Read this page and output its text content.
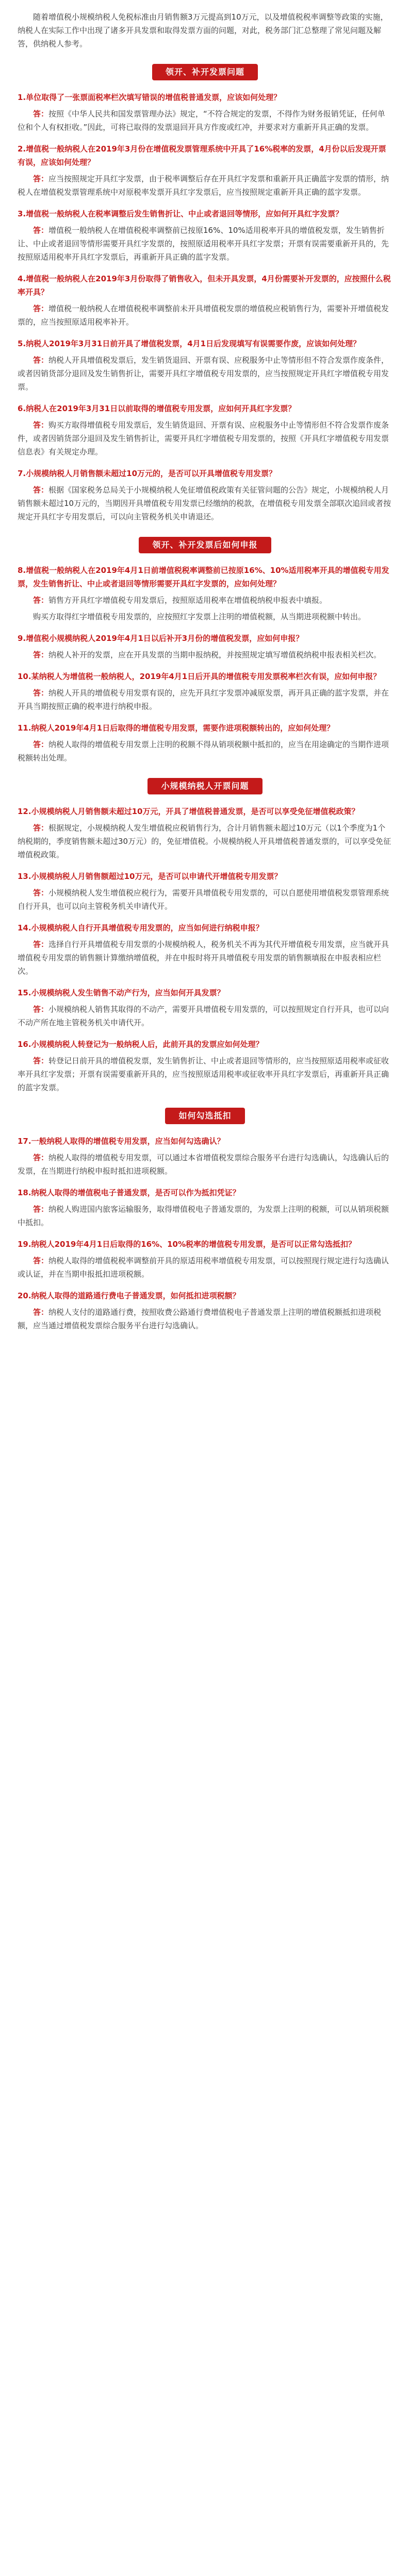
随着增值税小规模纳税人免税标准由月销售额3万元提高到10万元，以及增值税税率调整等政策的实施，纳税人在实际工作中出现了诸多开具发票和取得发票方面的问题，对此，税务部门汇总整理了常见问题及解答，供纳税人参考。

领开、补开发票问题

1.单位取得了一张票面税率栏次填写错误的增值税普通发票，应该如何处理？

答：按照《中华人民共和国发票管理办法》规定，“不符合规定的发票，不得作为财务报销凭证，任何单位和个人有权拒收。”因此，可将已取得的发票退回开具方作废或红冲，并要求对方重新开具正确的发票。

2.增值税一般纳税人在2019年3月份在增值税发票管理系统中开具了16%税率的发票，4月份以后发现开票有误，应该如何处理？

答：应当按照规定开具红字发票，由于税率调整后存在开具红字发票和重新开具正确蓝字发票的情形，纳税人在增值税发票管理系统中对原税率发票开具红字发票后，应当按照规定重新开具正确的蓝字发票。

3.增值税一般纳税人在税率调整后发生销售折让、中止或者退回等情形，应如何开具红字发票？

答：增值税一般纳税人在增值税税率调整前已按原16%、10%适用税率开具的增值税发票，发生销售折让、中止或者退回等情形需要开具红字发票的，按照原适用税率开具红字发票；开票有误需要重新开具的，先按照原适用税率开具红字发票后，再重新开具正确的蓝字发票。

4.增值税一般纳税人在2019年3月份取得了销售收入，但未开具发票，4月份需要补开发票的，应按照什么税率开具？

答：增值税一般纳税人在增值税税率调整前未开具增值税发票的增值税应税销售行为，需要补开增值税发票的，应当按照原适用税率补开。

5.纳税人2019年3月31日前开具了增值税发票，4月1日后发现填写有误需要作废，应该如何处理？

答：纳税人开具增值税发票后，发生销货退回、开票有误、应税服务中止等情形但不符合发票作废条件，或者因销货部分退回及发生销售折让，需要开具红字增值税专用发票的，应当按照规定开具红字增值税专用发票。

6.纳税人在2019年3月31日以前取得的增值税专用发票，应如何开具红字发票？

答：购买方取得增值税专用发票后，发生销货退回、开票有误、应税服务中止等情形但不符合发票作废条件，或者因销货部分退回及发生销售折让，需要开具红字增值税专用发票的，按照《开具红字增值税专用发票信息表》有关规定办理。

7.小规模纳税人月销售额未超过10万元的，是否可以开具增值税专用发票？

答：根据《国家税务总局关于小规模纳税人免征增值税政策有关征管问题的公告》规定，小规模纳税人月销售额未超过10万元的，当期因开具增值税专用发票已经缴纳的税款，在增值税专用发票全部联次追回或者按规定开具红字专用发票后，可以向主管税务机关申请退还。

领开、补开发票后如何申报

8.增值税一般纳税人在2019年4月1日前增值税税率调整前已按原16%、10%适用税率开具的增值税专用发票，发生销售折让、中止或者退回等情形需要开具红字发票的，应如何处理？

答：销售方开具红字增值税专用发票后，按照原适用税率在增值税纳税申报表中填报。

购买方取得红字增值税专用发票的，应按照红字发票上注明的增值税额，从当期进项税额中转出。

9.增值税小规模纳税人2019年4月1日以后补开3月份的增值税发票，应如何申报？

答：纳税人补开的发票，应在开具发票的当期申报纳税，并按照规定填写增值税纳税申报表相关栏次。

10.某纳税人为增值税一般纳税人，2019年4月1日后开具的增值税专用发票税率栏次有误，应如何申报？

答：纳税人开具的增值税专用发票有误的，应先开具红字发票冲减原发票，再开具正确的蓝字发票，并在开具当期按照正确的税率进行纳税申报。

11.纳税人2019年4月1日后取得的增值税专用发票，需要作进项税额转出的，应如何处理？

答：纳税人取得的增值税专用发票上注明的税额不得从销项税额中抵扣的，应当在用途确定的当期作进项税额转出处理。

小规模纳税人开票问题

12.小规模纳税人月销售额未超过10万元，开具了增值税普通发票，是否可以享受免征增值税政策？

答：根据规定，小规模纳税人发生增值税应税销售行为，合计月销售额未超过10万元（以1个季度为1个纳税期的，季度销售额未超过30万元）的，免征增值税。小规模纳税人开具增值税普通发票的，可以享受免征增值税政策。

13.小规模纳税人月销售额超过10万元，是否可以申请代开增值税专用发票？

答：小规模纳税人发生增值税应税行为，需要开具增值税专用发票的，可以自愿使用增值税发票管理系统自行开具，也可以向主管税务机关申请代开。

14.小规模纳税人自行开具增值税专用发票的，应当如何进行纳税申报？

答：选择自行开具增值税专用发票的小规模纳税人，税务机关不再为其代开增值税专用发票，应当就开具增值税专用发票的销售额计算缴纳增值税，并在申报时将开具增值税专用发票的销售额填报在申报表相应栏次。

15.小规模纳税人发生销售不动产行为，应当如何开具发票？

答：小规模纳税人销售其取得的不动产，需要开具增值税专用发票的，可以按照规定自行开具，也可以向不动产所在地主管税务机关申请代开。

16.小规模纳税人转登记为一般纳税人后，此前开具的发票应如何处理？

答：转登记日前开具的增值税发票，发生销售折让、中止或者退回等情形的，应当按照原适用税率或征收率开具红字发票；开票有误需要重新开具的，应当按照原适用税率或征收率开具红字发票后，再重新开具正确的蓝字发票。

如何勾选抵扣

17.一般纳税人取得的增值税专用发票，应当如何勾选确认？

答：纳税人取得的增值税专用发票，可以通过本省增值税发票综合服务平台进行勾选确认，勾选确认后的发票，在当期进行纳税申报时抵扣进项税额。

18.纳税人取得的增值税电子普通发票，是否可以作为抵扣凭证？

答：纳税人购进国内旅客运输服务，取得增值税电子普通发票的，为发票上注明的税额，可以从销项税额中抵扣。

19.纳税人2019年4月1日后取得的16%、10%税率的增值税专用发票，是否可以正常勾选抵扣？

答：纳税人取得的增值税税率调整前开具的原适用税率增值税专用发票，可以按照现行规定进行勾选确认或认证，并在当期申报抵扣进项税额。

20.纳税人取得的道路通行费电子普通发票，如何抵扣进项税额？

答：纳税人支付的道路通行费，按照收费公路通行费增值税电子普通发票上注明的增值税额抵扣进项税额，应当通过增值税发票综合服务平台进行勾选确认。
